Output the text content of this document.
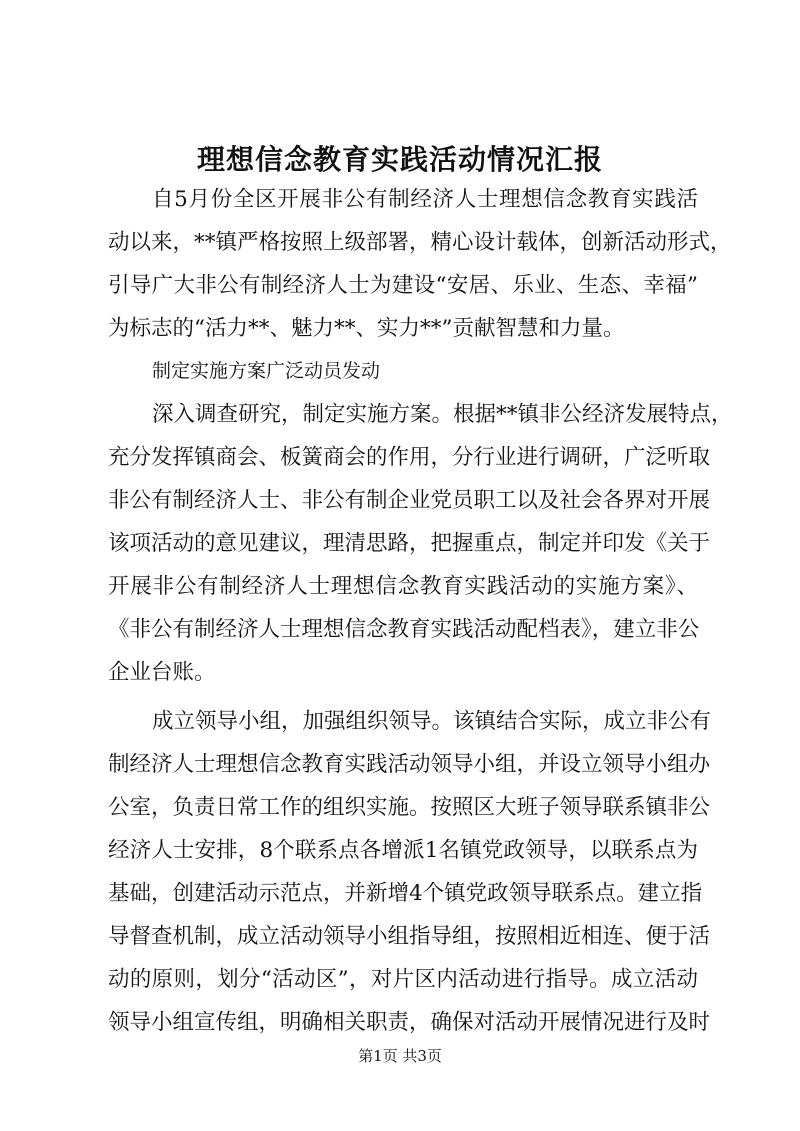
理想信念教育实践活动情况汇报
自5月份全区开展非公有制经济人士理想信念教育实践活
动以来，**镇严格按照上级部署，精心设计载体，创新活动形式，
引导广大非公有制经济人士为建设“安居、乐业、生态、幸福”
为标志的“活力**、魅力**、实力**”贡献智慧和力量。
制定实施方案广泛动员发动
深入调查研究，制定实施方案。根据**镇非公经济发展特点，
充分发挥镇商会、板簧商会的作用，分行业进行调研，广泛听取
非公有制经济人士、非公有制企业党员职工以及社会各界对开展
该项活动的意见建议，理清思路，把握重点，制定并印发《关于
开展非公有制经济人士理想信念教育实践活动的实施方案》、
《非公有制经济人士理想信念教育实践活动配档表》，建立非公
企业台账。
成立领导小组，加强组织领导。该镇结合实际，成立非公有
制经济人士理想信念教育实践活动领导小组，并设立领导小组办
公室，负责日常工作的组织实施。按照区大班子领导联系镇非公
经济人士安排，8个联系点各增派1名镇党政领导，以联系点为
基础，创建活动示范点，并新增4个镇党政领导联系点。建立指
导督查机制，成立活动领导小组指导组，按照相近相连、便于活
动的原则，划分“活动区”，对片区内活动进行指导。成立活动
领导小组宣传组，明确相关职责，确保对活动开展情况进行及时
第1页 共3页
